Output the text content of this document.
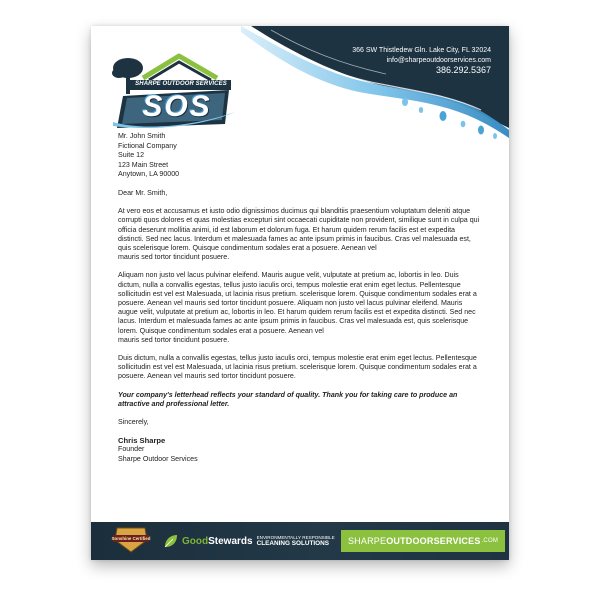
366 SW Thistledew Gln. Lake City, FL 32024
info@sharpeoutdoorservices.com
386.292.5367
SHARPE OUTDOOR SERVICES
SOS
Mr. John Smith
Fictional Company
Suite 12
123 Main Street
Anytown, LA 90000

Dear Mr. Smith,

At vero eos et accusamus et iusto odio dignissimos ducimus qui blanditiis praesentium voluptatum deleniti atque corrupti quos dolores et quas molestias excepturi sint occaecati cupiditate non provident, similique sunt in culpa qui officia deserunt mollitia animi, id est laborum et dolorum fuga. Et harum quidem rerum facilis est et expedita distincti. Sed nec lacus. Interdum et malesuada fames ac ante ipsum primis in faucibus. Cras vel malesuada est, quis scelerisque lorem. Quisque condimentum sodales erat a posuere. Aenean vel

mauris sed tortor tincidunt posuere.

Aliquam non justo vel lacus pulvinar eleifend. Mauris augue velit, vulputate at pretium ac, lobortis in leo. Duis dictum, nulla a convallis egestas, tellus justo iaculis orci, tempus molestie erat enim eget lectus. Pellentesque sollicitudin est vel est Malesuada, ut lacinia risus pretium. scelerisque lorem. Quisque condimentum sodales erat a posuere. Aenean vel mauris sed tortor tincidunt posuere. Aliquam non justo vel lacus pulvinar eleifend. Mauris augue velit, vulputate at pretium ac, lobortis in leo. Et harum quidem rerum facilis est et expedita distincti. Sed nec lacus. Interdum et malesuada fames ac ante ipsum primis in faucibus. Cras vel malesuada est, quis scelerisque lorem. Quisque condimentum sodales erat a posuere. Aenean vel

mauris sed tortor tincidunt posuere.

Duis dictum, nulla a convallis egestas, tellus justo iaculis orci, tempus molestie erat enim eget lectus. Pellentesque sollicitudin est vel est Malesuada, ut lacinia risus pretium. scelerisque lorem. Quisque condimentum sodales erat a posuere. Aenean vel mauris sed tortor tincidunt posuere.

Your company's letterhead reflects your standard of quality. Thank you for taking care to produce an attractive and professional letter.

Sincerely,

Chris Sharpe
Founder
Sharpe Outdoor Services
Sonshine Certified	GoodStewards ENVIRONMENTALLY RESPONSIBLE
CLEANING SOLUTIONS	SHARPE OUTDOORSERVICES .COM
